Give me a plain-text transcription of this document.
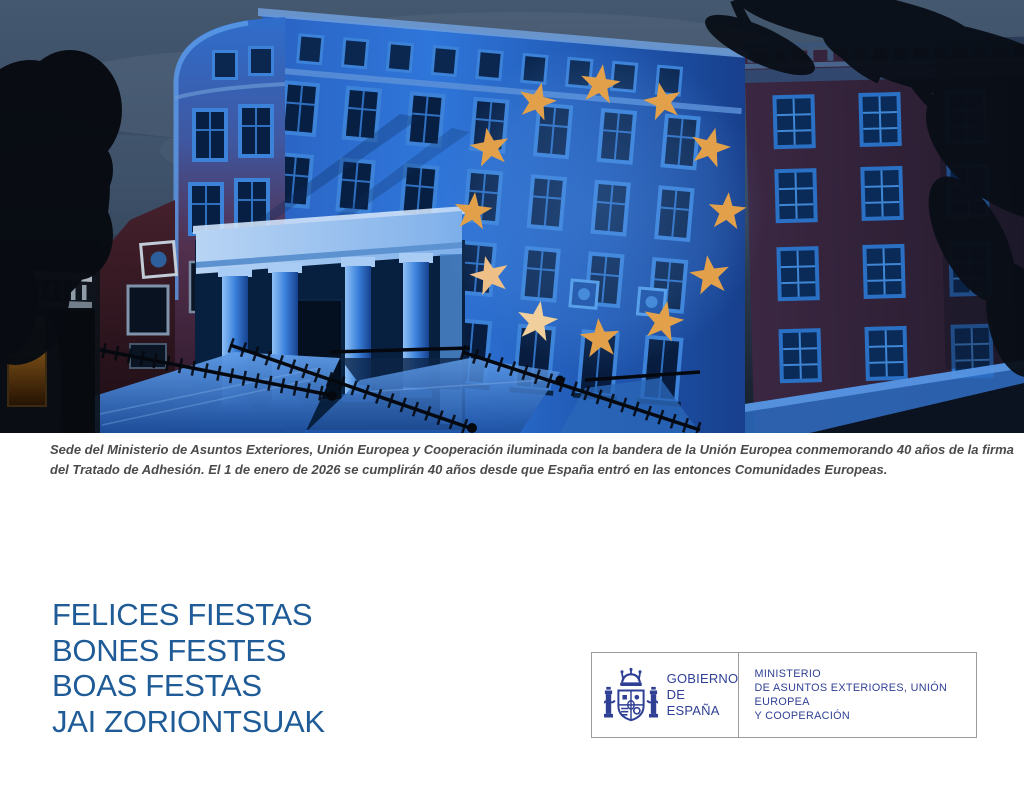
Sede del Ministerio de Asuntos Exteriores, Unión Europea y Cooperación iluminada con la bandera de la Unión Europea conmemorando 40 años de la firma
del Tratado de Adhesión. El 1 de enero de 2026 se cumplirán 40 años desde que España entró en las entonces Comunidades Europeas.

FELICES FIESTAS
BONES FESTES
BOAS FESTAS
JAI ZORIONTSUAK
GOBIERNO
DE ESPAÑA
MINISTERIO
DE ASUNTOS EXTERIORES, UNIÓN EUROPEA
Y COOPERACIÓN
